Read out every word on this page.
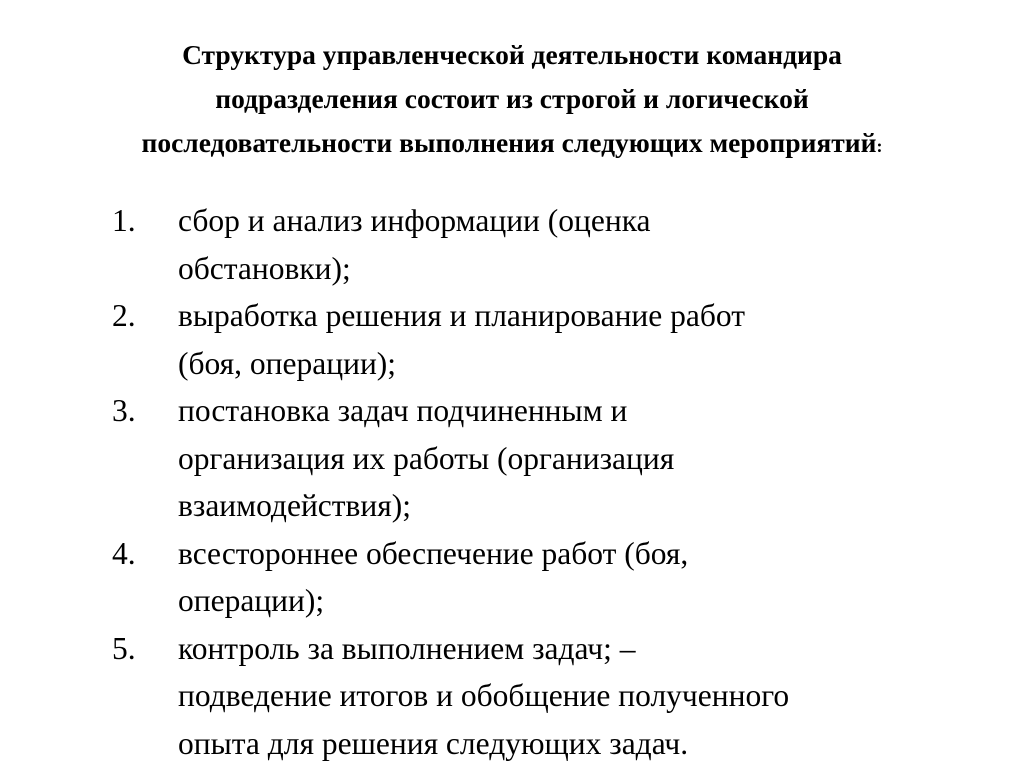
Структура управленческой деятельности командира
подразделения состоит из строгой и логической
последовательности выполнения следующих мероприятий:
1.	сбор и анализ информации (оценка
обстановки);
2.	выработка решения и планирование работ
(боя, операции);
3.	постановка задач подчиненным и
организация их работы (организация
взаимодействия);
4.	всестороннее обеспечение работ (боя,
операции);
5.	контроль за выполнением задач; –
подведение итогов и обобщение полученного
опыта для решения следующих задач.
